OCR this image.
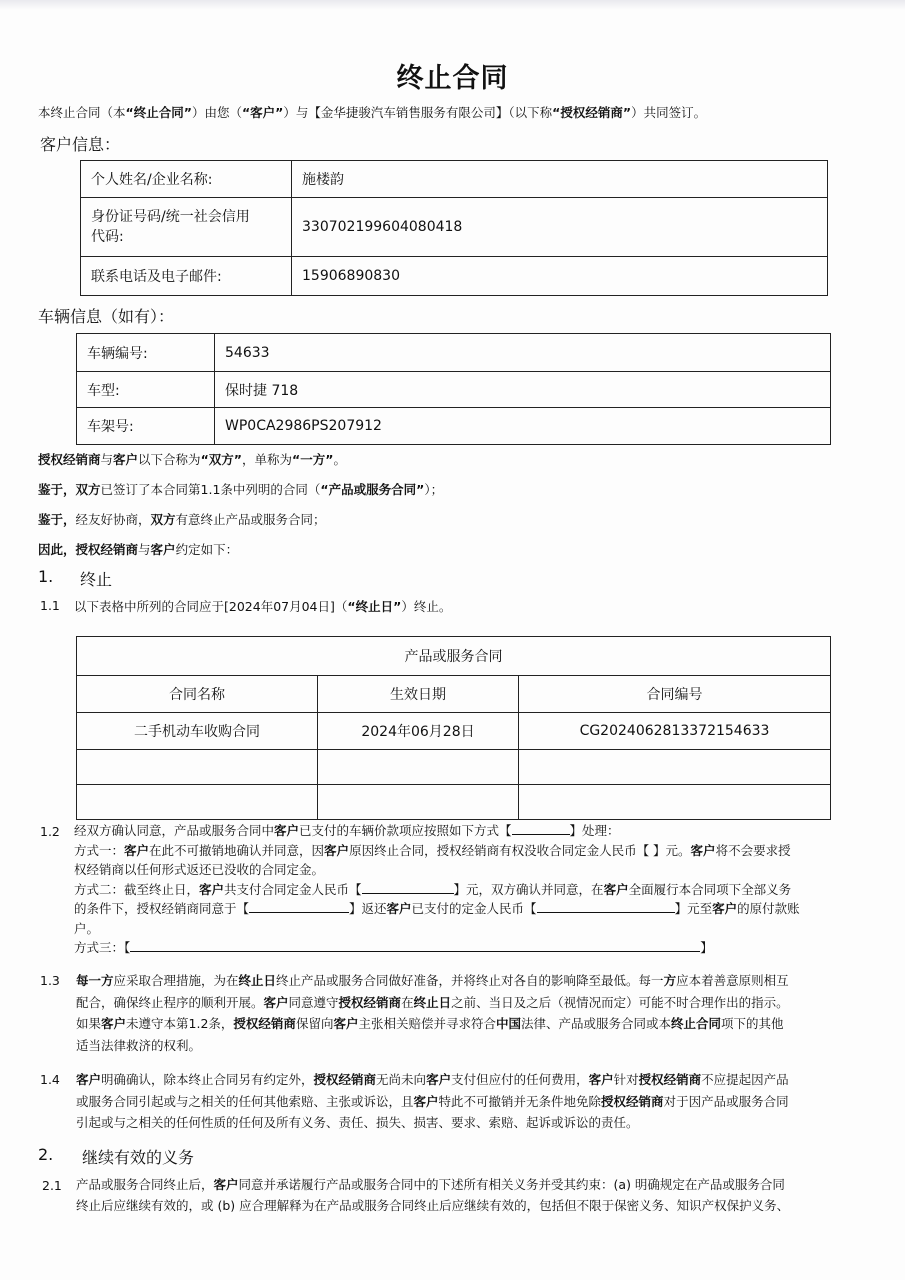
终止合同
本终止合同（本“终止合同”）由您（“客户”）与【金华捷骏汽车销售服务有限公司】（以下称“授权经销商”）共同签订。
客户信息：
个人姓名/企业名称:	施楼韵
身份证号码/统一社会信用
代码:	330702199604080418
联系电话及电子邮件:	15906890830
车辆信息（如有）：
车辆编号:	54633
车型:	保时捷 718
车架号:	WP0CA2986PS207912
授权经销商与客户以下合称为“双方”，单称为“一方”。
鉴于，双方已签订了本合同第1.1条中列明的合同（“产品或服务合同”）；
鉴于，经友好协商，双方有意终止产品或服务合同；
因此，授权经销商与客户约定如下：
1. 终止
1.1 以下表格中所列的合同应于[2024年07月04日]（“终止日”）终止。
产品或服务合同		
合同名称	生效日期	合同编号
二手机动车收购合同	2024年06月28日	CG2024062813372154633

1.2 经双方确认同意，产品或服务合同中客户已支付的车辆价款项应按照如下方式【	】处理：
方式一：客户在此不可撤销地确认并同意，因客户原因终止合同，授权经销商有权没收合同定金人民币【 】元。客户将不会要求授
权经销商以任何形式返还已没收的合同定金。
方式二：截至终止日，客户共支付合同定金人民币【	】元，双方确认并同意，在客户全面履行本合同项下全部义务
的条件下，授权经销商同意于【	】返还客户已支付的定金人民币【	】元至客户的原付款账
户。
方式三：【	】
1.3 每一方应采取合理措施，为在终止日终止产品或服务合同做好准备，并将终止对各自的影响降至最低。每一方应本着善意原则相互
配合，确保终止程序的顺利开展。客户同意遵守授权经销商在终止日之前、当日及之后（视情况而定）可能不时合理作出的指示。
如果客户未遵守本第1.2条，授权经销商保留向客户主张相关赔偿并寻求符合中国法律、产品或服务合同或本终止合同项下的其他
适当法律救济的权利。
1.4 客户明确确认，除本终止合同另有约定外，授权经销商无尚未向客户支付但应付的任何费用，客户针对授权经销商不应提起因产品
或服务合同引起或与之相关的任何其他索赔、主张或诉讼，且客户特此不可撤销并无条件地免除授权经销商对于因产品或服务合同
引起或与之相关的任何性质的任何及所有义务、责任、损失、损害、要求、索赔、起诉或诉讼的责任。
2. 继续有效的义务
2.1 产品或服务合同终止后，客户同意并承诺履行产品或服务合同中的下述所有相关义务并受其约束：(a) 明确规定在产品或服务合同
终止后应继续有效的，或 (b) 应合理解释为在产品或服务合同终止后应继续有效的，包括但不限于保密义务、知识产权保护义务、
